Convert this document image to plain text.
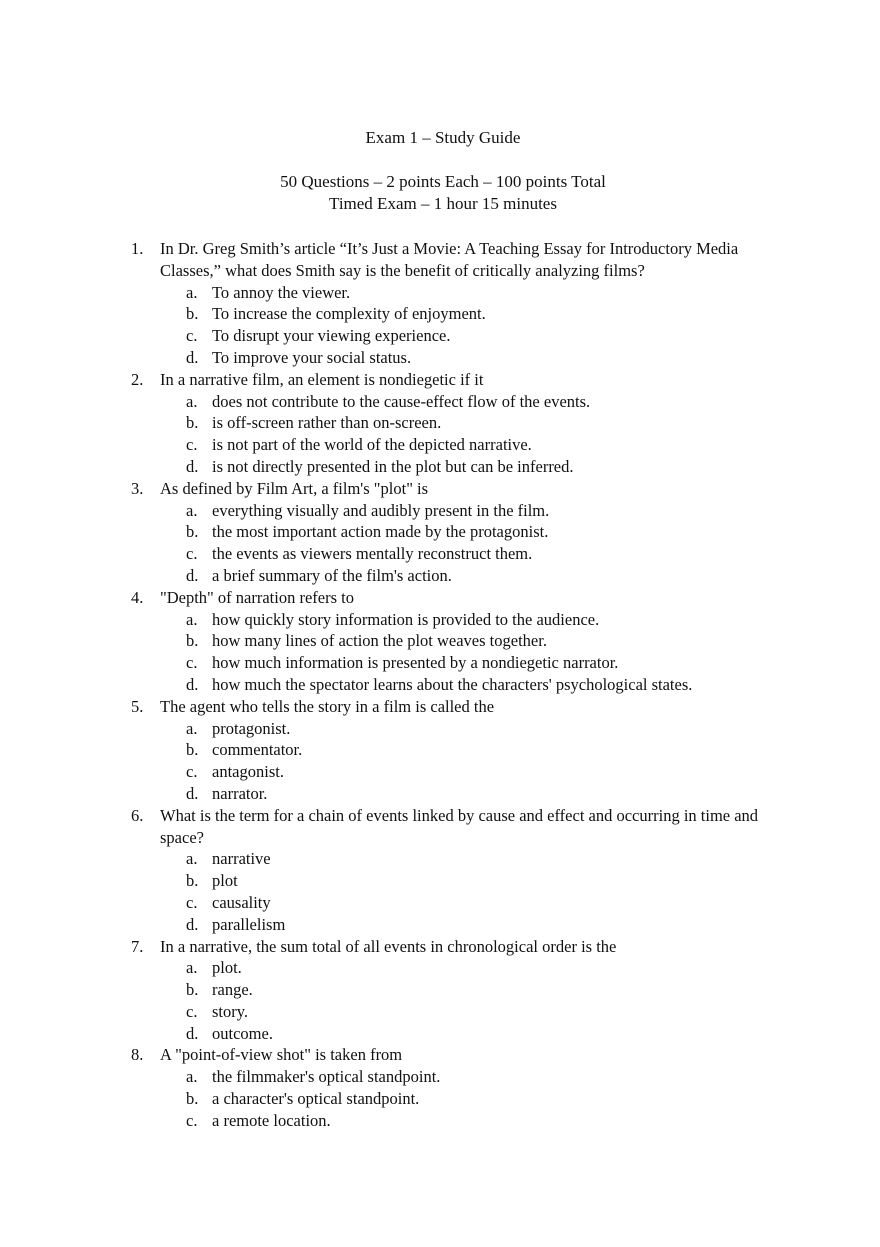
Exam 1 – Study Guide
50 Questions – 2 points Each – 100 points Total
Timed Exam – 1 hour 15 minutes
1. In Dr. Greg Smith’s article “It’s Just a Movie: A Teaching Essay for Introductory Media Classes,” what does Smith say is the benefit of critically analyzing films?
a. To annoy the viewer.
b. To increase the complexity of enjoyment.
c. To disrupt your viewing experience.
d. To improve your social status.
2. In a narrative film, an element is nondiegetic if it
a. does not contribute to the cause-effect flow of the events.
b. is off-screen rather than on-screen.
c. is not part of the world of the depicted narrative.
d. is not directly presented in the plot but can be inferred.
3. As defined by Film Art, a film's "plot" is
a. everything visually and audibly present in the film.
b. the most important action made by the protagonist.
c. the events as viewers mentally reconstruct them.
d. a brief summary of the film's action.
4. "Depth" of narration refers to
a. how quickly story information is provided to the audience.
b. how many lines of action the plot weaves together.
c. how much information is presented by a nondiegetic narrator.
d. how much the spectator learns about the characters' psychological states.
5. The agent who tells the story in a film is called the
a. protagonist.
b. commentator.
c. antagonist.
d. narrator.
6. What is the term for a chain of events linked by cause and effect and occurring in time and space?
a. narrative
b. plot
c. causality
d. parallelism
7. In a narrative, the sum total of all events in chronological order is the
a. plot.
b. range.
c. story.
d. outcome.
8. A "point-of-view shot" is taken from
a. the filmmaker's optical standpoint.
b. a character's optical standpoint.
c. a remote location.
